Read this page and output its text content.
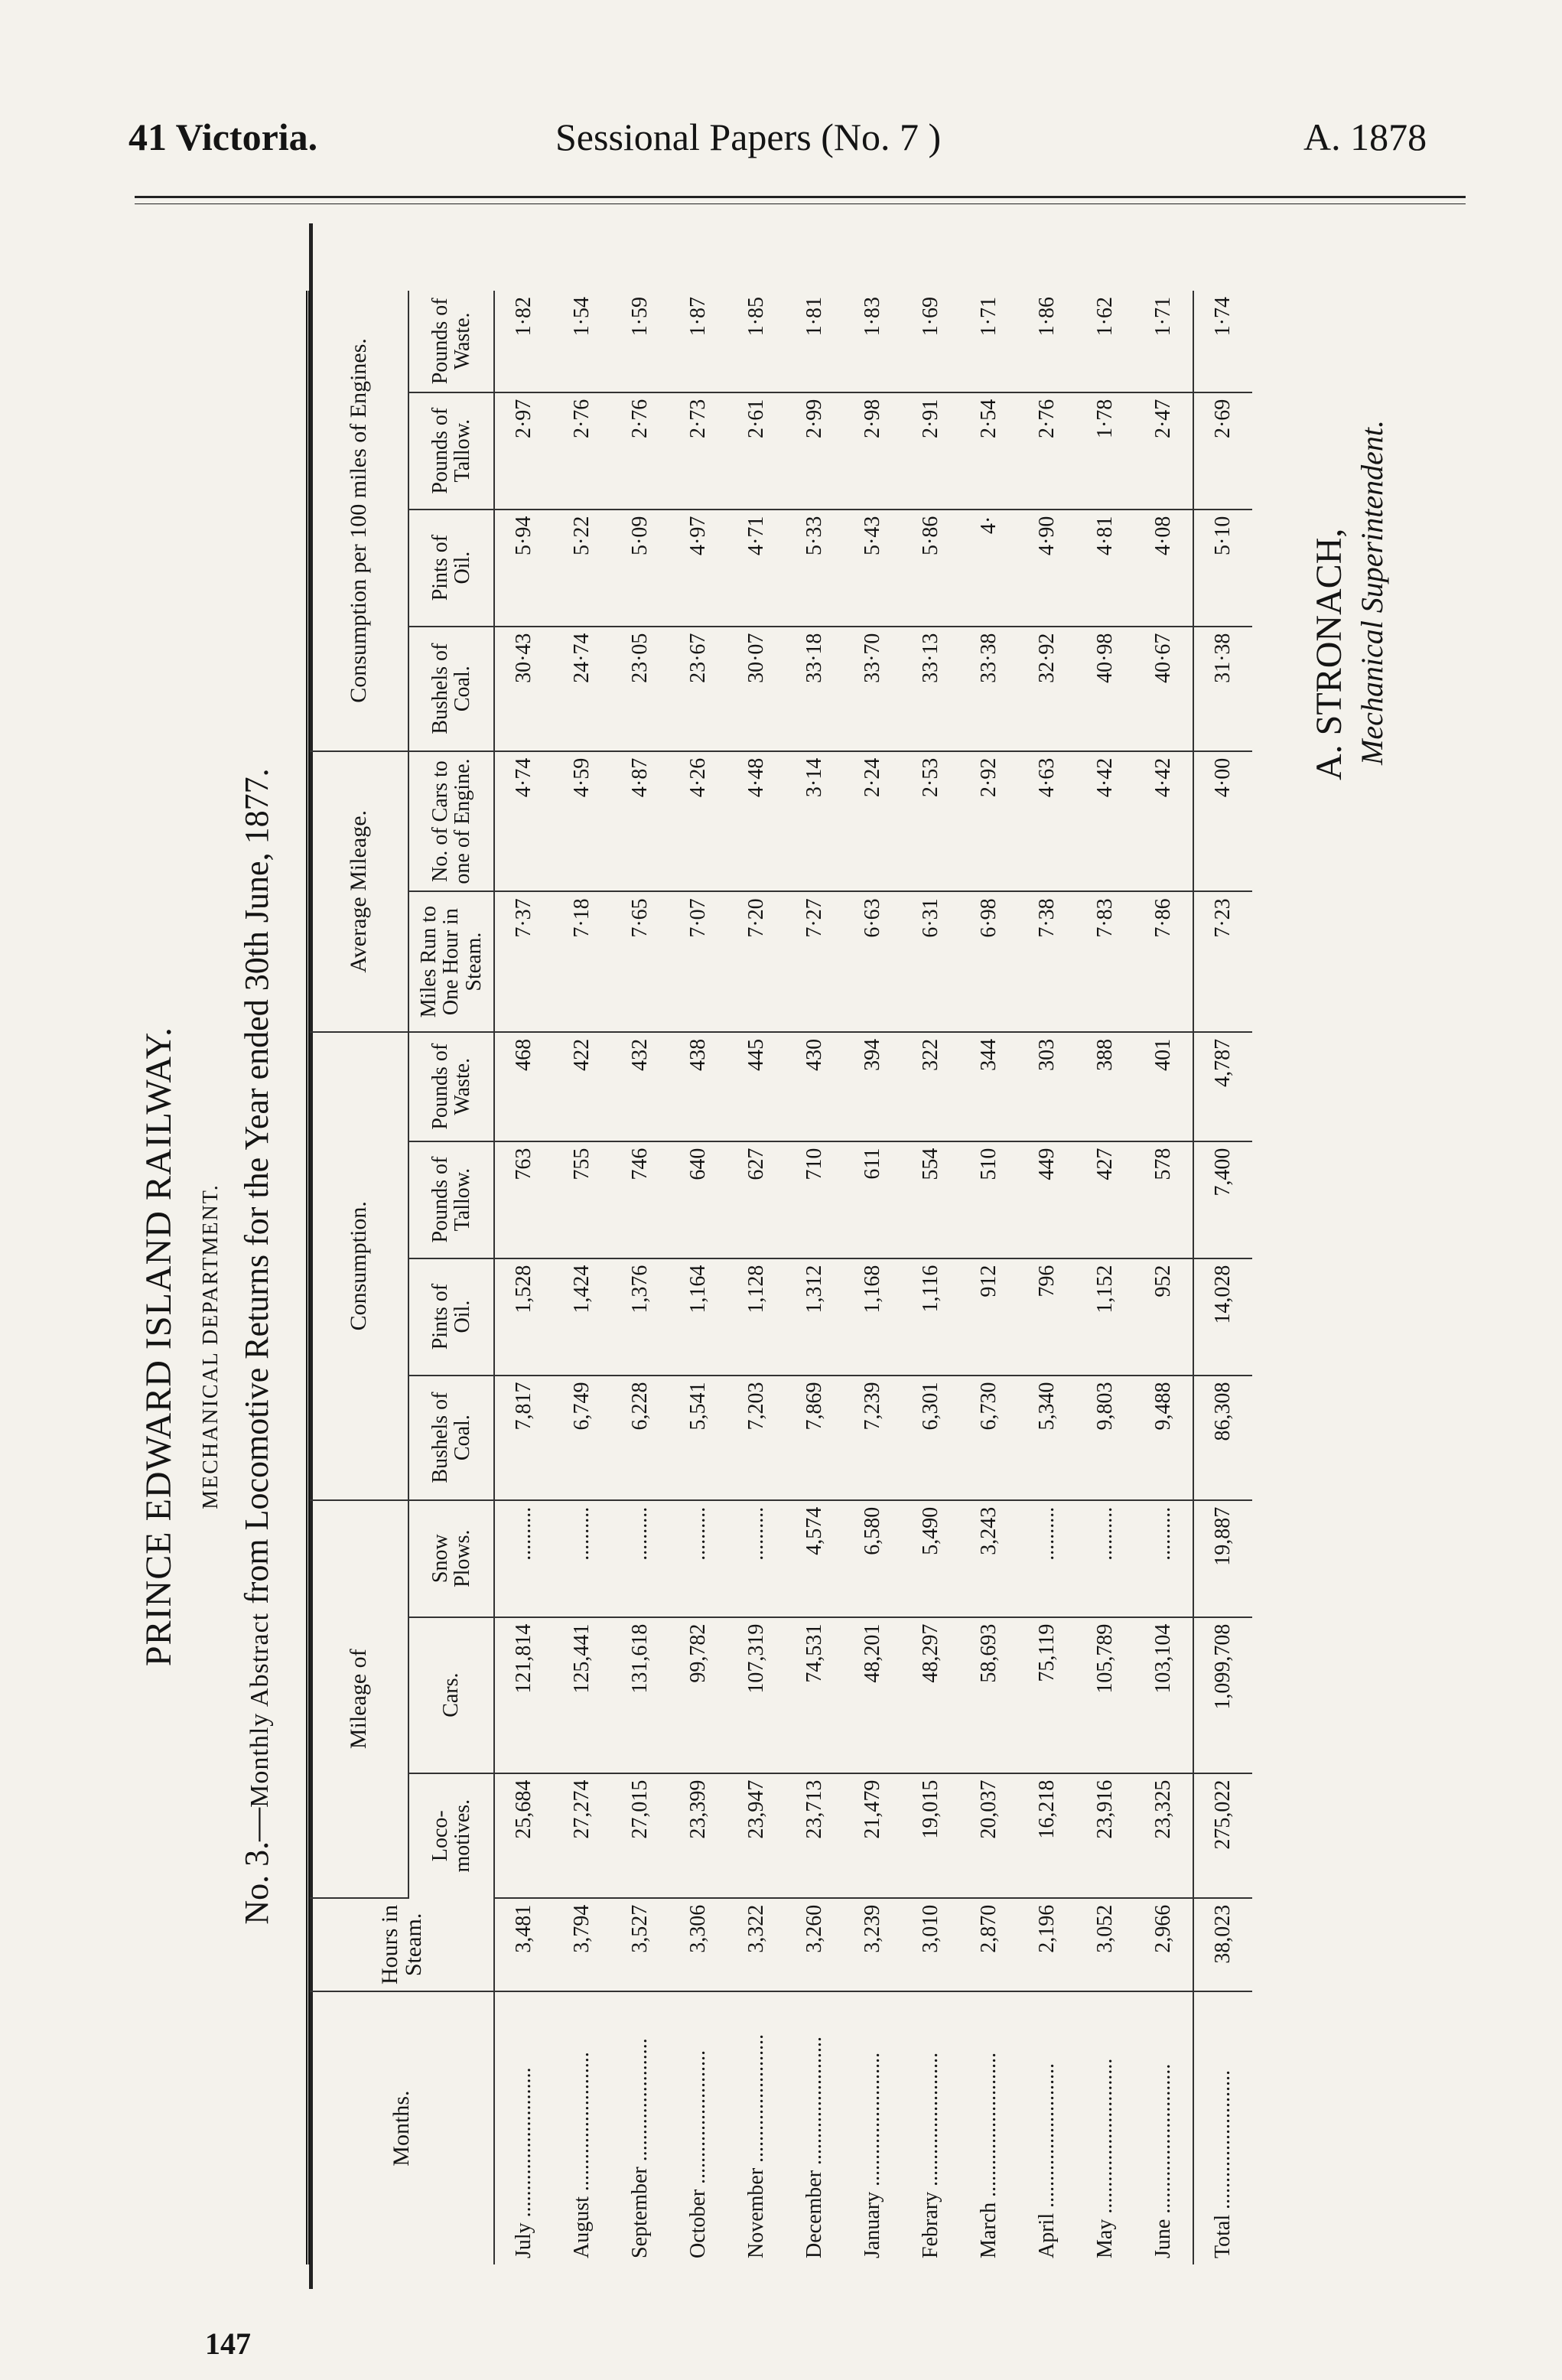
41 Victoria.	Sessional Papers (No. 7 )	A. 1878
PRINCE EDWARD ISLAND RAILWAY. MECHANICAL DEPARTMENT.
No. 3.—Monthly Abstract from Locomotive Returns for the Year ended 30th June, 1877.
Months.	Hours in Steam.	Mileage of			Consumption.				Average Mileage.		Consumption per 100 miles of Engines.			
		Loco-motives.	Cars.	Snow Plows.	Bushels of Coal.	Pints of Oil.	Pounds of Tallow.	Pounds of Waste.	Miles Run to One Hour in Steam.	No. of Cars to one of Engine.	Bushels of Coal.	Pints of Oil.	Pounds of Tallow.	Pounds of Waste.
July ............................	3,481	25,684	121,814	..........	7,817	1,528	763	468	7·37	4·74	30·43	5·94	2·97	1·82
August ..........................	3,794	27,274	125,441	..........	6,749	1,424	755	422	7·18	4·59	24·74	5·22	2·76	1·54
September .......................	3,527	27,015	131,618	..........	6,228	1,376	746	432	7·65	4·87	23·05	5·09	2·76	1·59
October .........................	3,306	23,399	99,782	..........	5,541	1,164	640	438	7·07	4·26	23·67	4·97	2·73	1·87
November ........................	3,322	23,947	107,319	..........	7,203	1,128	627	445	7·20	4·48	30·07	4·71	2·61	1·85
December ........................	3,260	23,713	74,531	4,574	7,869	1,312	710	430	7·27	3·14	33·18	5·33	2·99	1·81
January .........................	3,239	21,479	48,201	6,580	7,239	1,168	611	394	6·63	2·24	33·70	5·43	2·98	1·83
Febrary .........................	3,010	19,015	48,297	5,490	6,301	1,116	554	322	6·31	2·53	33·13	5·86	2·91	1·69
March ...........................	2,870	20,037	58,693	3,243	6,730	912	510	344	6·98	2·92	33·38	4·	2·54	1·71
April ...........................	2,196	16,218	75,119	..........	5,340	796	449	303	7·38	4·63	32·92	4·90	2·76	1·86
May .............................	3,052	23,916	105,789	..........	9,803	1,152	427	388	7·83	4·42	40·98	4·81	1·78	1·62
June ............................	2,966	23,325	103,104	..........	9,488	952	578	401	7·86	4·42	40·67	4·08	2·47	1·71
Total ..........................	38,023	275,022	1,099,708	19,887	86,308	14,028	7,400	4,787	7·23	4·00	31·38	5·10	2·69	1·74
A. STRONACH, Mechanical Superintendent.
147
